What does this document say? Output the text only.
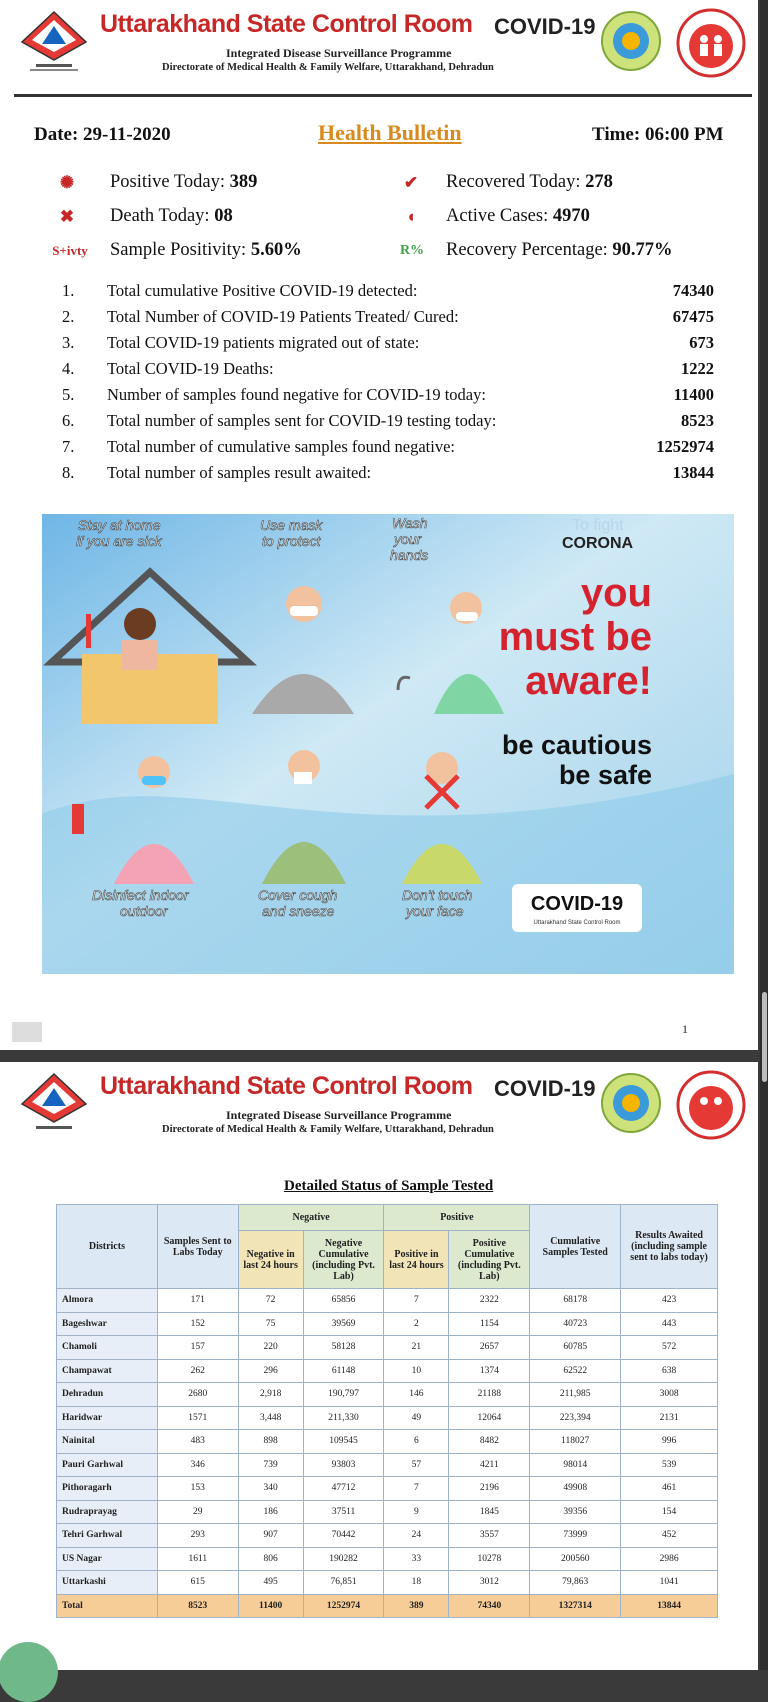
Uttarakhand State Control Room COVID-19
Integrated Disease Surveillance Programme
Directorate of Medical Health & Family Welfare, Uttarakhand, Dehradun
Date: 29-11-2020	Health Bulletin	Time: 06:00 PM
✺	Positive Today: 389	✔	Recovered Today: 278
✖	Death Today: 08	◖	Active Cases: 4970
S+ivty Sample Positivity: 5.60%	R% Recovery Percentage: 90.77%
1. Total cumulative Positive COVID-19 detected:	74340
2. Total Number of COVID-19 Patients Treated/ Cured:	67475
3. Total COVID-19 patients migrated out of state:	673
4. Total COVID-19 Deaths:	1222
5. Number of samples found negative for COVID-19 today:	11400
6. Total number of samples sent for COVID-19 testing today:	8523
7. Total number of cumulative samples found negative:	1252974
8. Total number of samples result awaited:	13844
Stay at home
if you are sick
Use mask
to protect
Wash
your
hands
Disinfect indoor
outdoor
Cover cough
and sneeze
Don't touch
your face
To fight
CORONA
you
must be
aware!
be cautious
be safe
COVID-19
Uttarakhand State Control Room
1
Uttarakhand State Control Room COVID-19
Integrated Disease Surveillance Programme
Directorate of Medical Health & Family Welfare, Uttarakhand, Dehradun
Detailed Status of Sample Tested
Districts	Samples Sent to Labs Today	Negative		Positive		Cumulative Samples Tested	Results Awaited (including sample sent to labs today)
		Negative in last 24 hours	Negative Cumulative (including Pvt. Lab)	Positive in last 24 hours	Positive Cumulative (including Pvt. Lab)		
Almora	171	72	65856	7	2322	68178	423
Bageshwar	152	75	39569	2	1154	40723	443
Chamoli	157	220	58128	21	2657	60785	572
Champawat	262	296	61148	10	1374	62522	638
Dehradun	2680	2,918	190,797	146	21188	211,985	3008
Haridwar	1571	3,448	211,330	49	12064	223,394	2131
Nainital	483	898	109545	6	8482	118027	996
Pauri Garhwal	346	739	93803	57	4211	98014	539
Pithoragarh	153	340	47712	7	2196	49908	461
Rudraprayag	29	186	37511	9	1845	39356	154
Tehri Garhwal	293	907	70442	24	3557	73999	452
US Nagar	1611	806	190282	33	10278	200560	2986
Uttarkashi	615	495	76,851	18	3012	79,863	1041
Total	8523	11400	1252974	389	74340	1327314	13844
